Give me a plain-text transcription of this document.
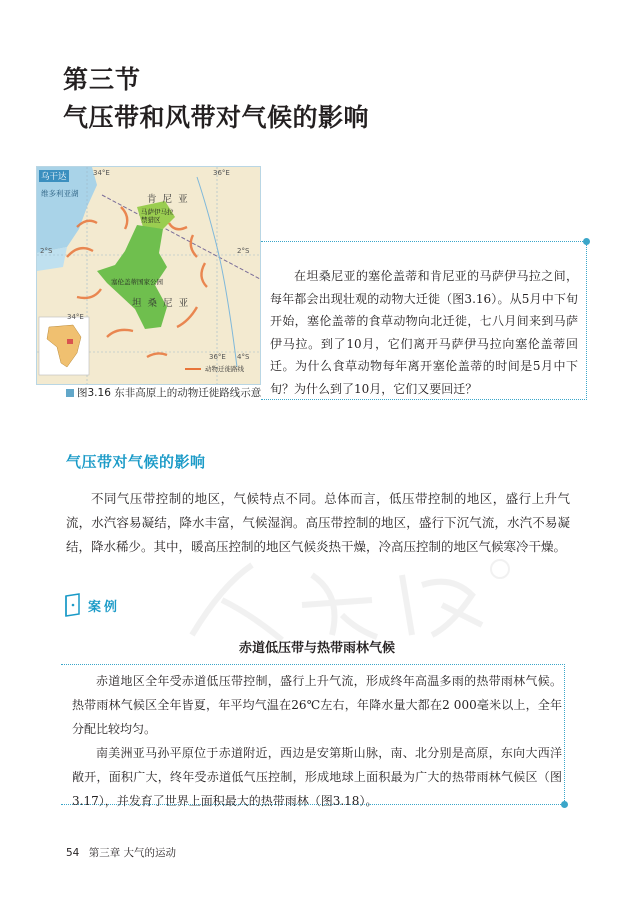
第三节
气压带和风带对气候的影响
乌干达
维多利亚湖
肯  尼  亚
马萨伊马拉
禁猎区
塞伦盖蒂国家公园
坦  桑  尼  亚
34°E	36°E
2°S	2°S
34°E
36°E 4°S
动物迁徙路线
图3.16 东非高原上的动物迁徙路线示意
在坦桑尼亚的塞伦盖蒂和肯尼亚的马萨伊马拉之间，每年都会出现壮观的动物大迁徙（图3.16）。从5月中下旬开始，塞伦盖蒂的食草动物向北迁徙，七八月间来到马萨伊马拉。到了10月，它们离开马萨伊马拉向塞伦盖蒂回迁。为什么食草动物每年离开塞伦盖蒂的时间是5月中下旬？为什么到了10月，它们又要回迁？
气压带对气候的影响
不同气压带控制的地区，气候特点不同。总体而言，低压带控制的地区，盛行上升气流，水汽容易凝结，降水丰富，气候湿润。高压带控制的地区，盛行下沉气流，水汽不易凝结，降水稀少。其中，暖高压控制的地区气候炎热干燥，冷高压控制的地区气候寒冷干燥。
案例
赤道低压带与热带雨林气候

赤道地区全年受赤道低压带控制，盛行上升气流，形成终年高温多雨的热带雨林气候。热带雨林气候区全年皆夏，年平均气温在26℃左右，年降水量大都在2 000毫米以上，全年分配比较均匀。

南美洲亚马孙平原位于赤道附近，西边是安第斯山脉，南、北分别是高原，东向大西洋敞开，面积广大，终年受赤道低气压控制，形成地球上面积最为广大的热带雨林气候区（图3.17），并发育了世界上面积最大的热带雨林（图3.18）。

54 第三章 大气的运动
